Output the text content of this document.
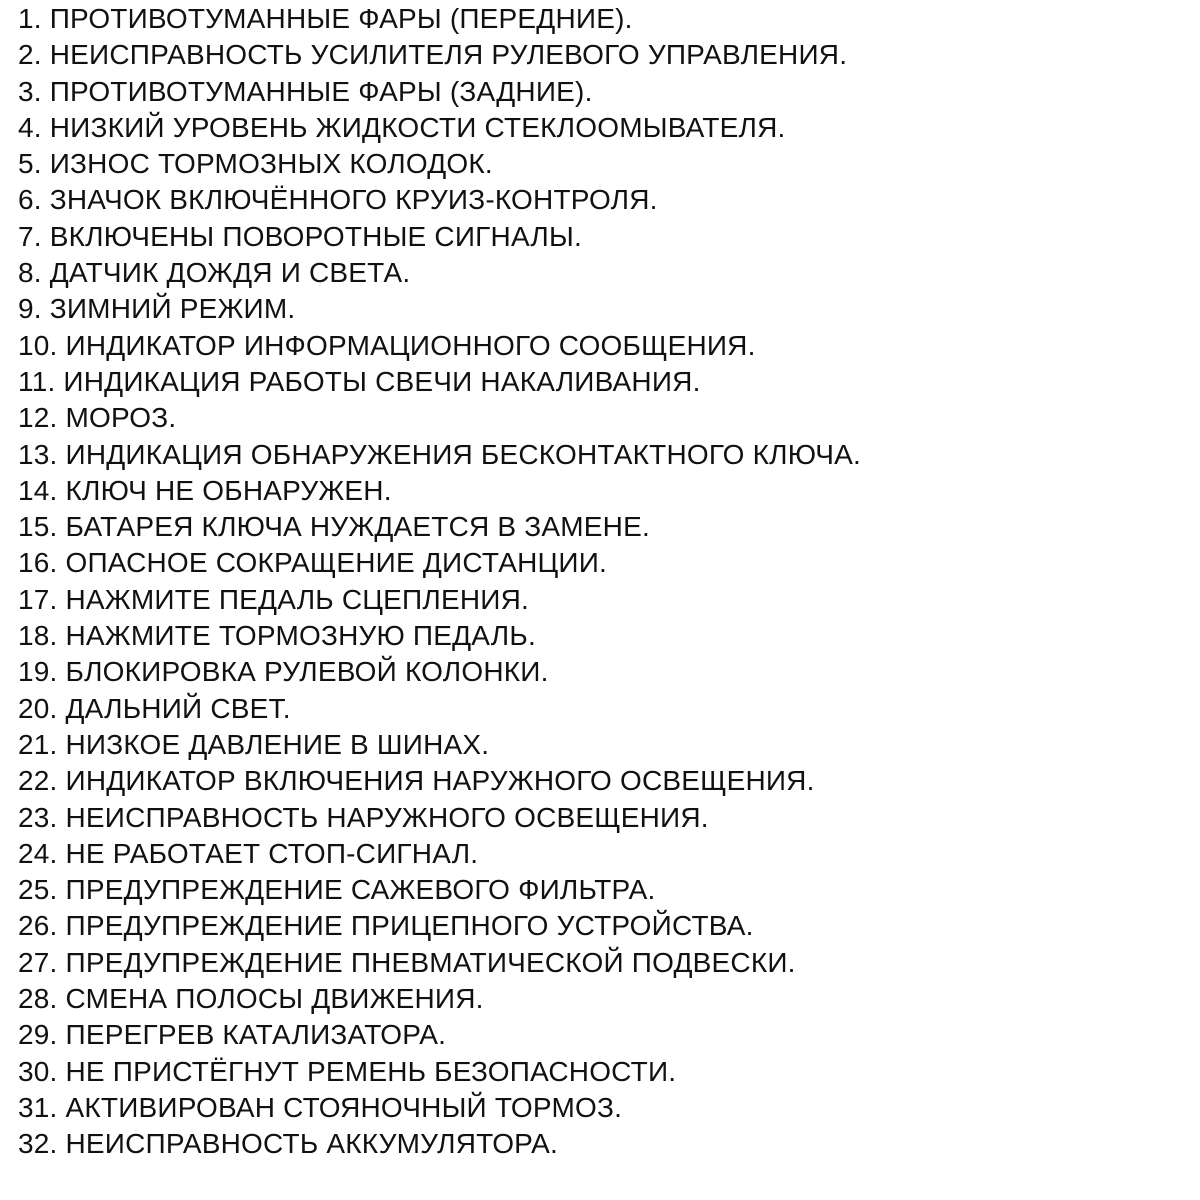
1. ПРОТИВОТУМАННЫЕ ФАРЫ (ПЕРЕДНИЕ).
2. НЕИСПРАВНОСТЬ УСИЛИТЕЛЯ РУЛЕВОГО УПРАВЛЕНИЯ.
3. ПРОТИВОТУМАННЫЕ ФАРЫ (ЗАДНИЕ).
4. НИЗКИЙ УРОВЕНЬ ЖИДКОСТИ СТЕКЛООМЫВАТЕЛЯ.
5. ИЗНОС ТОРМОЗНЫХ КОЛОДОК.
6. ЗНАЧОК ВКЛЮЧЁННОГО КРУИЗ-КОНТРОЛЯ.
7. ВКЛЮЧЕНЫ ПОВОРОТНЫЕ СИГНАЛЫ.
8. ДАТЧИК ДОЖДЯ И СВЕТА.
9. ЗИМНИЙ РЕЖИМ.
10. ИНДИКАТОР ИНФОРМАЦИОННОГО СООБЩЕНИЯ.
11. ИНДИКАЦИЯ РАБОТЫ СВЕЧИ НАКАЛИВАНИЯ.
12. МОРОЗ.
13. ИНДИКАЦИЯ ОБНАРУЖЕНИЯ БЕСКОНТАКТНОГО КЛЮЧА.
14. КЛЮЧ НЕ ОБНАРУЖЕН.
15. БАТАРЕЯ КЛЮЧА НУЖДАЕТСЯ В ЗАМЕНЕ.
16. ОПАСНОЕ СОКРАЩЕНИЕ ДИСТАНЦИИ.
17. НАЖМИТЕ ПЕДАЛЬ СЦЕПЛЕНИЯ.
18. НАЖМИТЕ ТОРМОЗНУЮ ПЕДАЛЬ.
19. БЛОКИРОВКА РУЛЕВОЙ КОЛОНКИ.
20. ДАЛЬНИЙ СВЕТ.
21. НИЗКОЕ ДАВЛЕНИЕ В ШИНАХ.
22. ИНДИКАТОР ВКЛЮЧЕНИЯ НАРУЖНОГО ОСВЕЩЕНИЯ.
23. НЕИСПРАВНОСТЬ НАРУЖНОГО ОСВЕЩЕНИЯ.
24. НЕ РАБОТАЕТ СТОП-СИГНАЛ.
25. ПРЕДУПРЕЖДЕНИЕ САЖЕВОГО ФИЛЬТРА.
26. ПРЕДУПРЕЖДЕНИЕ ПРИЦЕПНОГО УСТРОЙСТВА.
27. ПРЕДУПРЕЖДЕНИЕ ПНЕВМАТИЧЕСКОЙ ПОДВЕСКИ.
28. СМЕНА ПОЛОСЫ ДВИЖЕНИЯ.
29. ПЕРЕГРЕВ КАТАЛИЗАТОРА.
30. НЕ ПРИСТЁГНУТ РЕМЕНЬ БЕЗОПАСНОСТИ.
31. АКТИВИРОВАН СТОЯНОЧНЫЙ ТОРМОЗ.
32. НЕИСПРАВНОСТЬ АККУМУЛЯТОРА.
